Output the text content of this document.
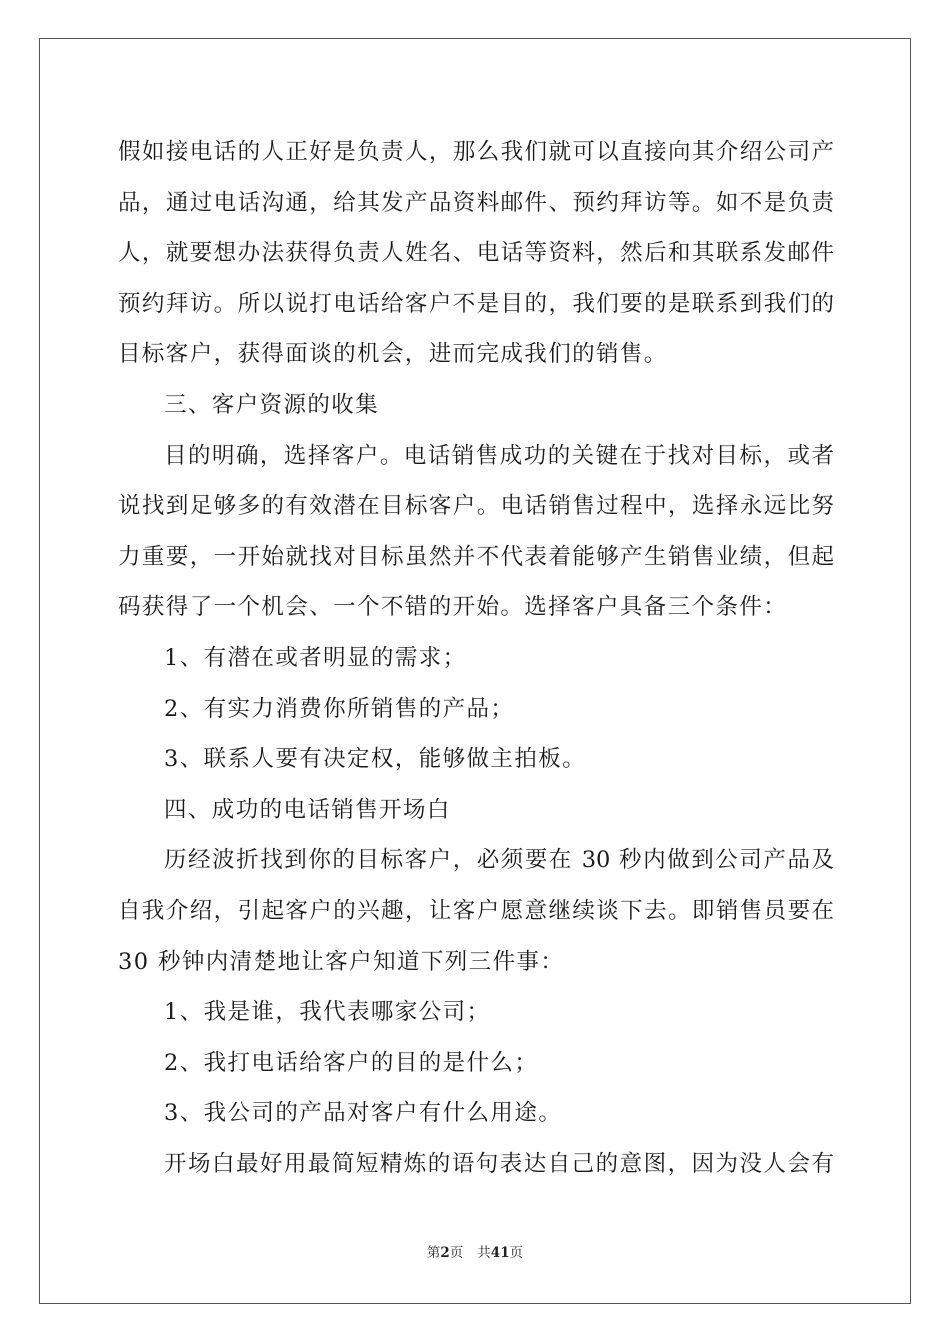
假如接电话的人正好是负责人，那么我们就可以直接向其介绍公司产
品，通过电话沟通，给其发产品资料邮件、预约拜访等。如不是负责
人，就要想办法获得负责人姓名、电话等资料，然后和其联系发邮件
预约拜访。所以说打电话给客户不是目的，我们要的是联系到我们的
目标客户，获得面谈的机会，进而完成我们的销售。
三、客户资源的收集
目的明确，选择客户。电话销售成功的关键在于找对目标，或者
说找到足够多的有效潜在目标客户。电话销售过程中，选择永远比努
力重要，一开始就找对目标虽然并不代表着能够产生销售业绩，但起
码获得了一个机会、一个不错的开始。选择客户具备三个条件：
1、有潜在或者明显的需求；
2、有实力消费你所销售的产品；
3、联系人要有决定权，能够做主拍板。
四、成功的电话销售开场白
历经波折找到你的目标客户，必须要在 30 秒内做到公司产品及
自我介绍，引起客户的兴趣，让客户愿意继续谈下去。即销售员要在
30 秒钟内清楚地让客户知道下列三件事：
1、我是谁，我代表哪家公司；
2、我打电话给客户的目的是什么；
3、我公司的产品对客户有什么用途。
开场白最好用最简短精炼的语句表达自己的意图，因为没人会有
第2页 共41页
